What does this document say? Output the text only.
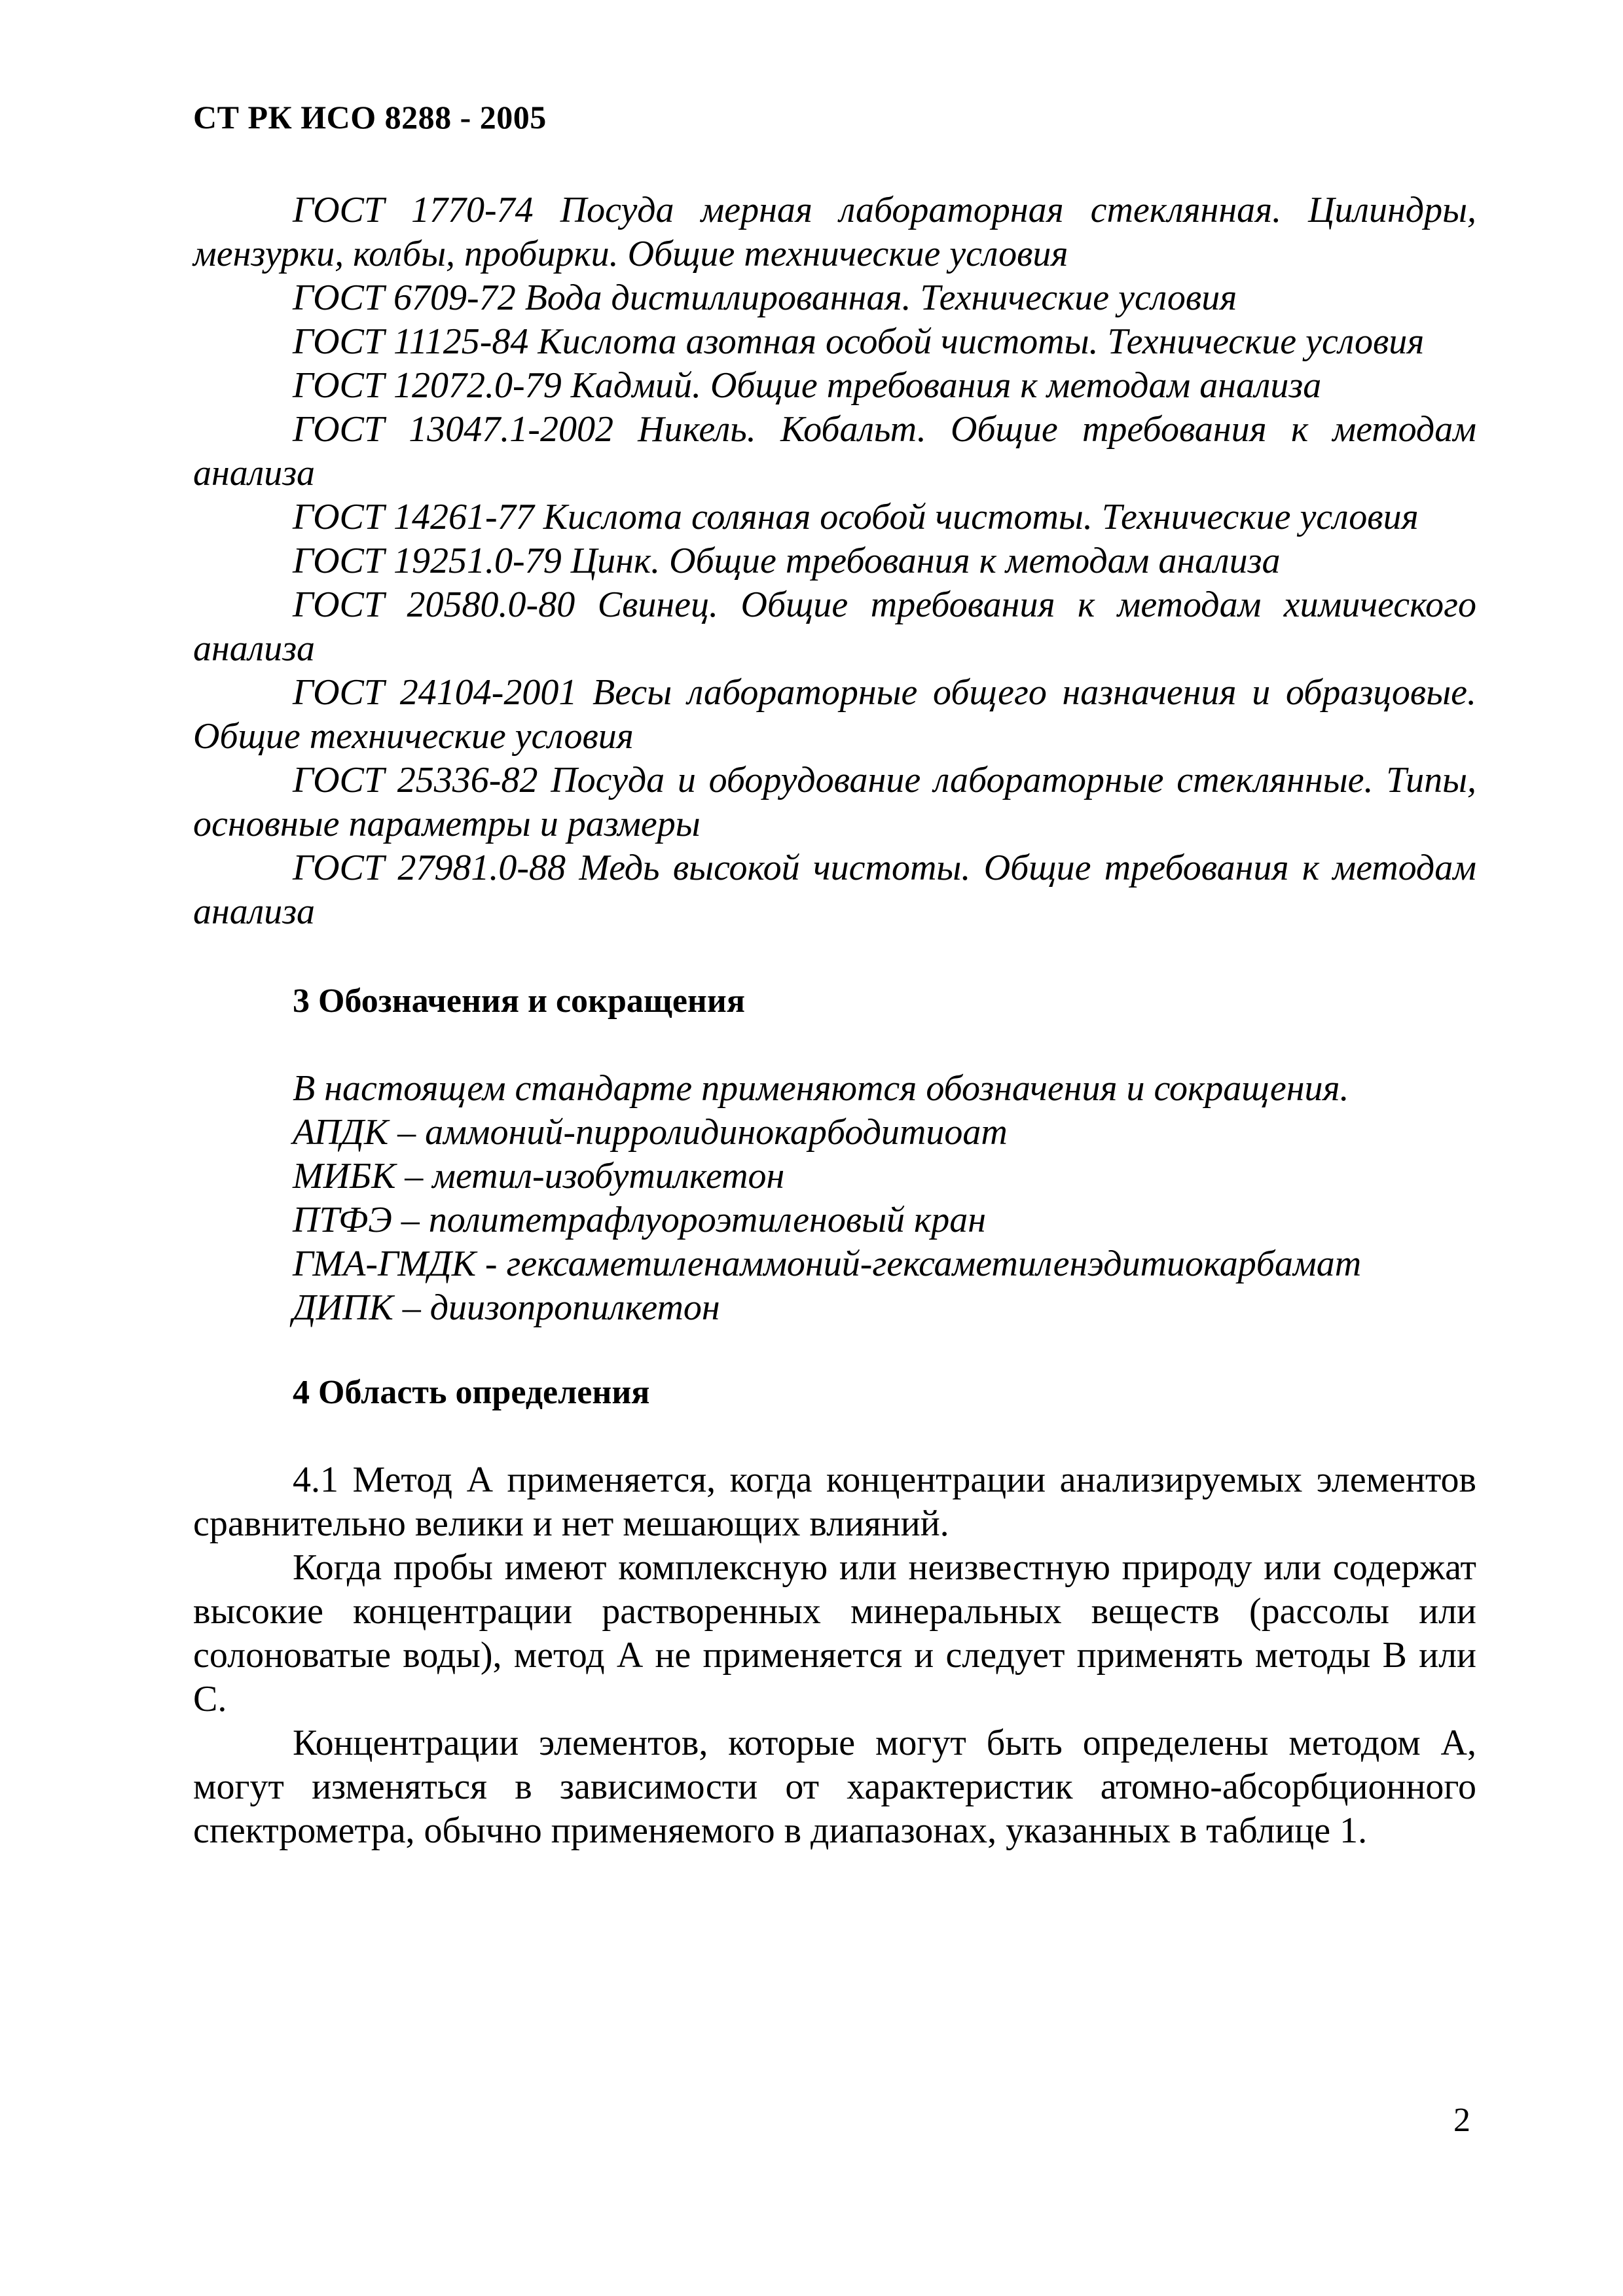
СТ РК ИСО 8288 - 2005

ГОСТ 1770-74 Посуда мерная лабораторная стеклянная. Цилиндры, мензурки, колбы, пробирки. Общие технические условия

ГОСТ 6709-72 Вода дистиллированная. Технические условия

ГОСТ 11125-84 Кислота азотная особой чистоты. Технические условия

ГОСТ 12072.0-79 Кадмий. Общие требования к методам анализа

ГОСТ 13047.1-2002 Никель. Кобальт. Общие требования к методам анализа

ГОСТ 14261-77 Кислота соляная особой чистоты. Технические условия

ГОСТ 19251.0-79 Цинк. Общие требования к методам анализа

ГОСТ 20580.0-80 Свинец. Общие требования к методам химического анализа

ГОСТ 24104-2001 Весы лабораторные общего назначения и образцовые. Общие технические условия

ГОСТ 25336-82 Посуда и оборудование лабораторные стеклянные. Типы, основные параметры и размеры

ГОСТ 27981.0-88 Медь высокой чистоты. Общие требования к методам анализа

3 Обозначения и сокращения

В настоящем стандарте применяются обозначения и сокращения.

АПДК – аммоний-пирролидинокарбодитиоат

МИБК – метил-изобутилкетон

ПТФЭ – политетрафлуороэтиленовый кран

ГМА-ГМДК - гексаметиленаммоний-гексаметиленэдитиокарбамат

ДИПК – диизопропилкетон

4 Область определения

4.1 Метод А применяется, когда концентрации анализируемых элементов сравнительно велики и нет мешающих влияний.

Когда пробы имеют комплексную или неизвестную природу или содержат высокие концентрации растворенных минеральных веществ (рассолы или солоноватые воды), метод А не применяется и следует применять методы В или С.

Концентрации элементов, которые могут быть определены методом А, могут изменяться в зависимости от характеристик атомно-абсорбционного спектрометра, обычно применяемого в диапазонах, указанных в таблице 1.

2
